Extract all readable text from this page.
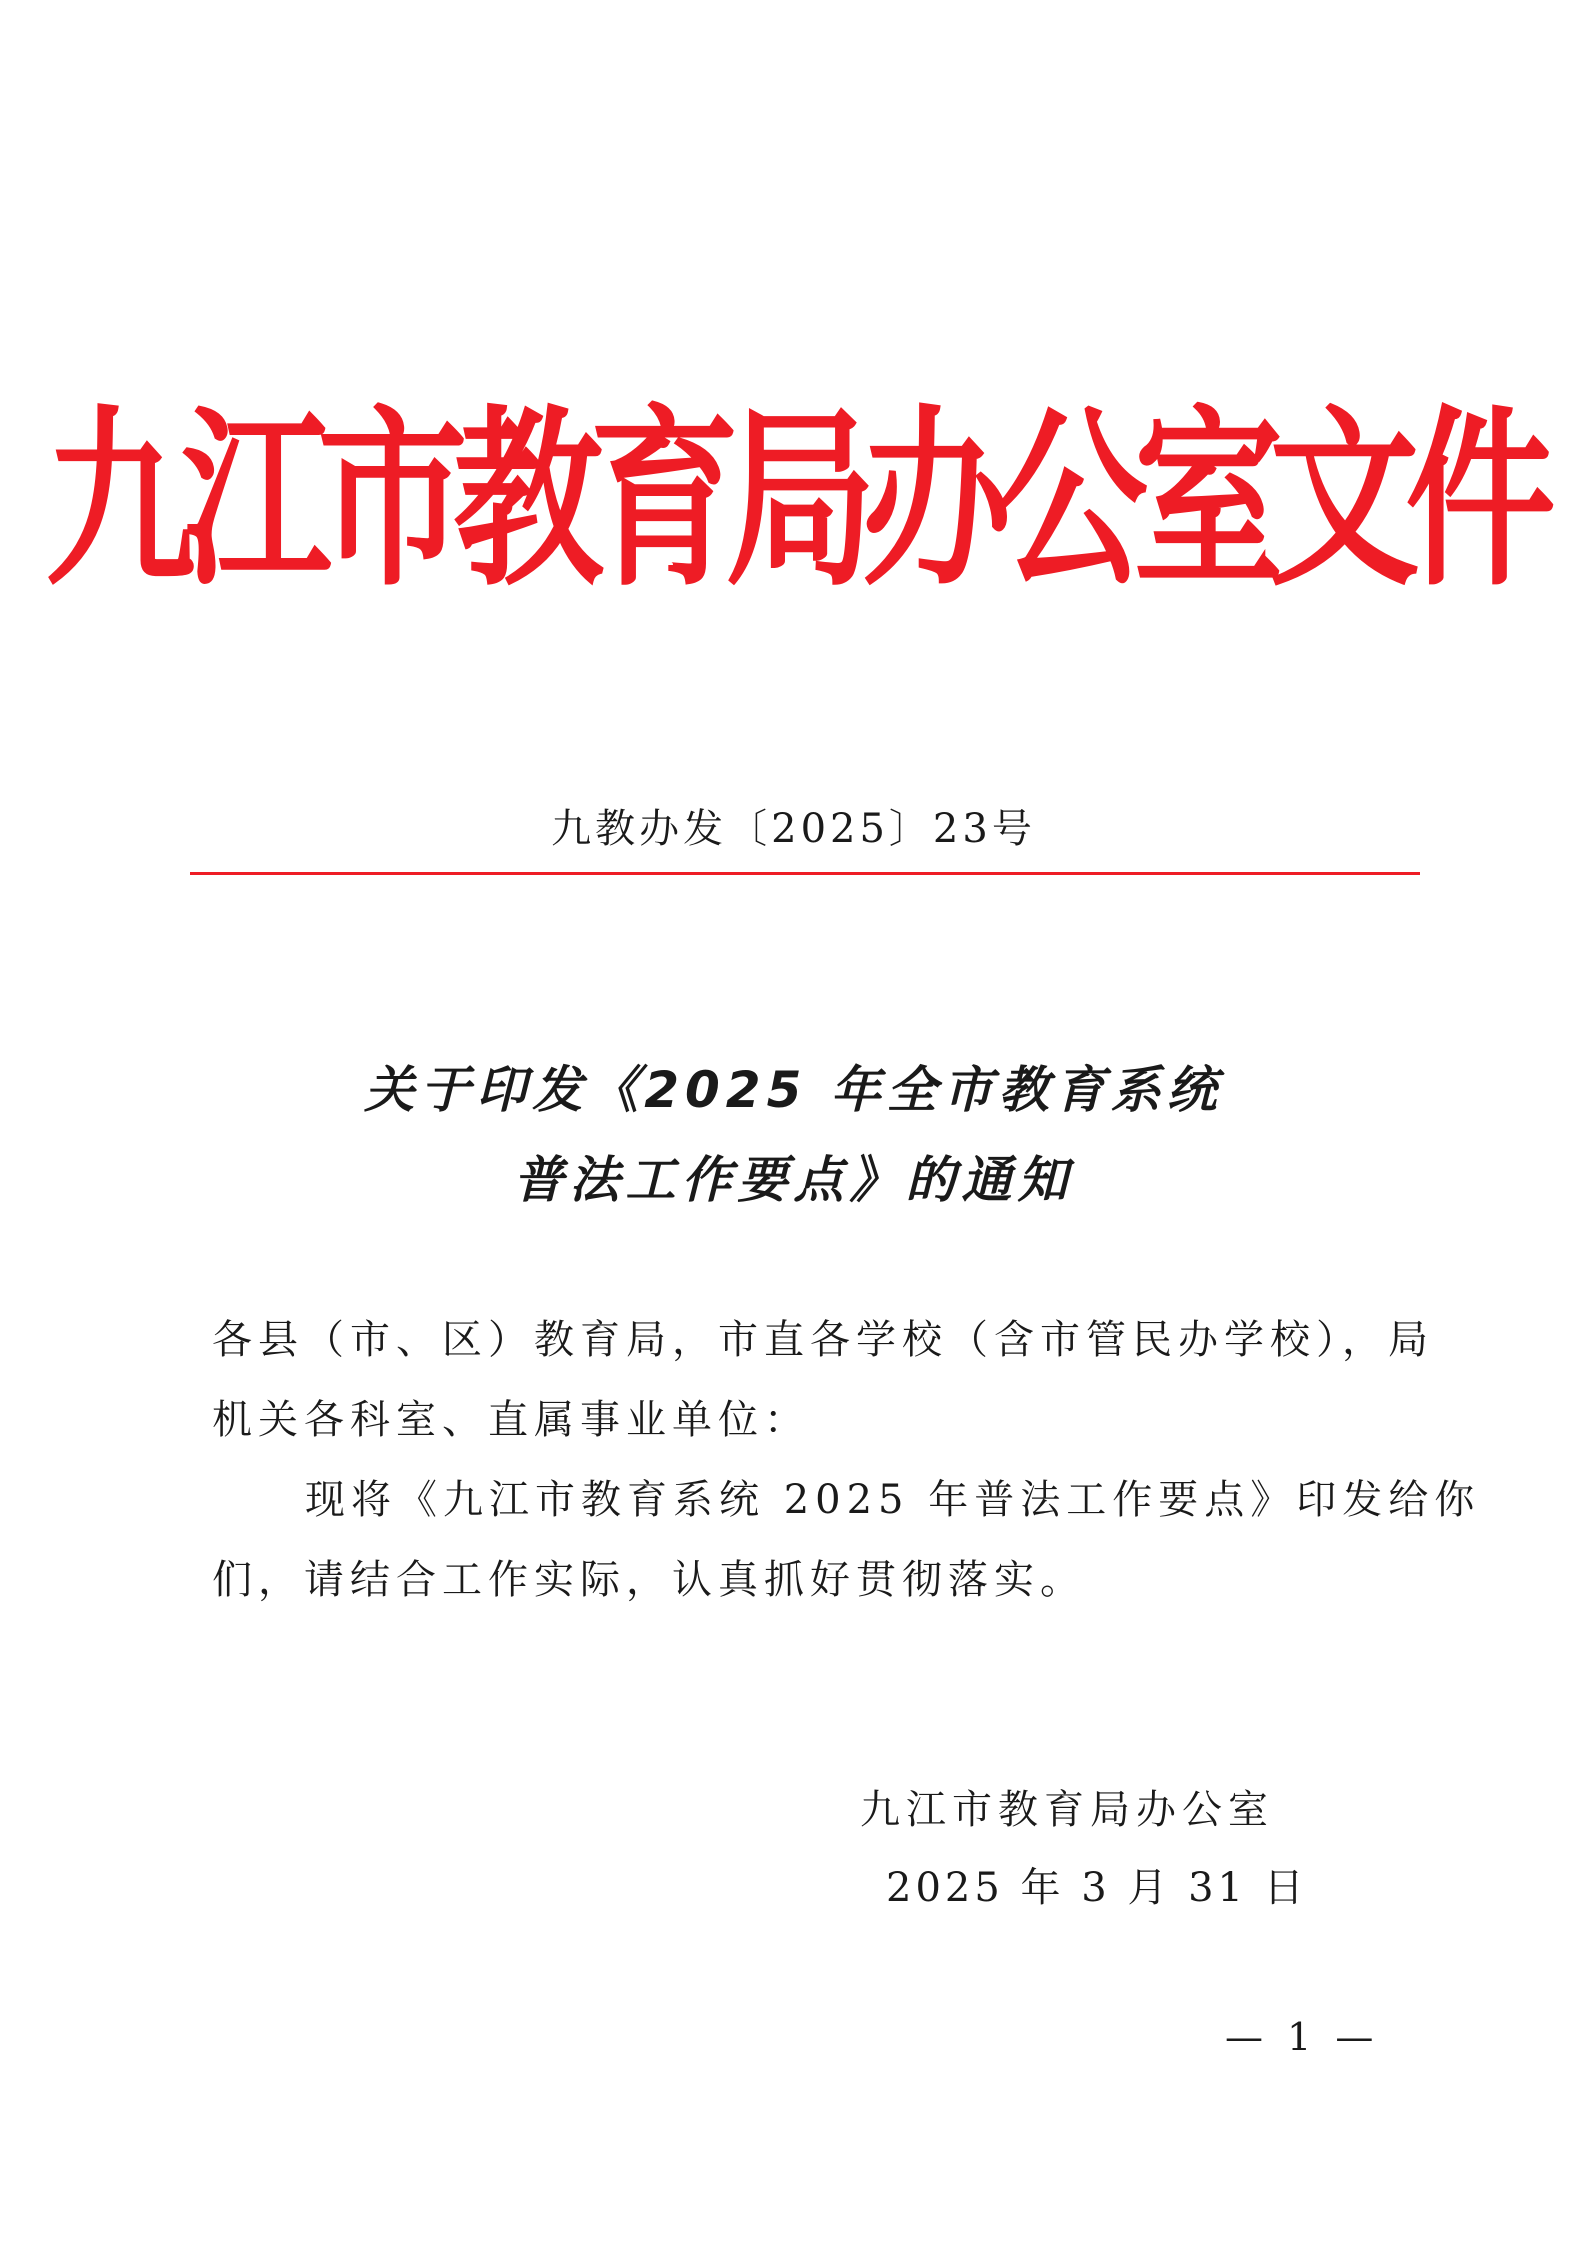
九江市教育局办公室文件
九教办发〔2025〕23号
关于印发《2025 年全市教育系统
普法工作要点》的通知
各县（市、区）教育局，市直各学校（含市管民办学校），局
机关各科室、直属事业单位：
现将《九江市教育系统 2025 年普法工作要点》印发给你
们，请结合工作实际，认真抓好贯彻落实。
九江市教育局办公室
2025 年 3 月 31 日
— 1 —
